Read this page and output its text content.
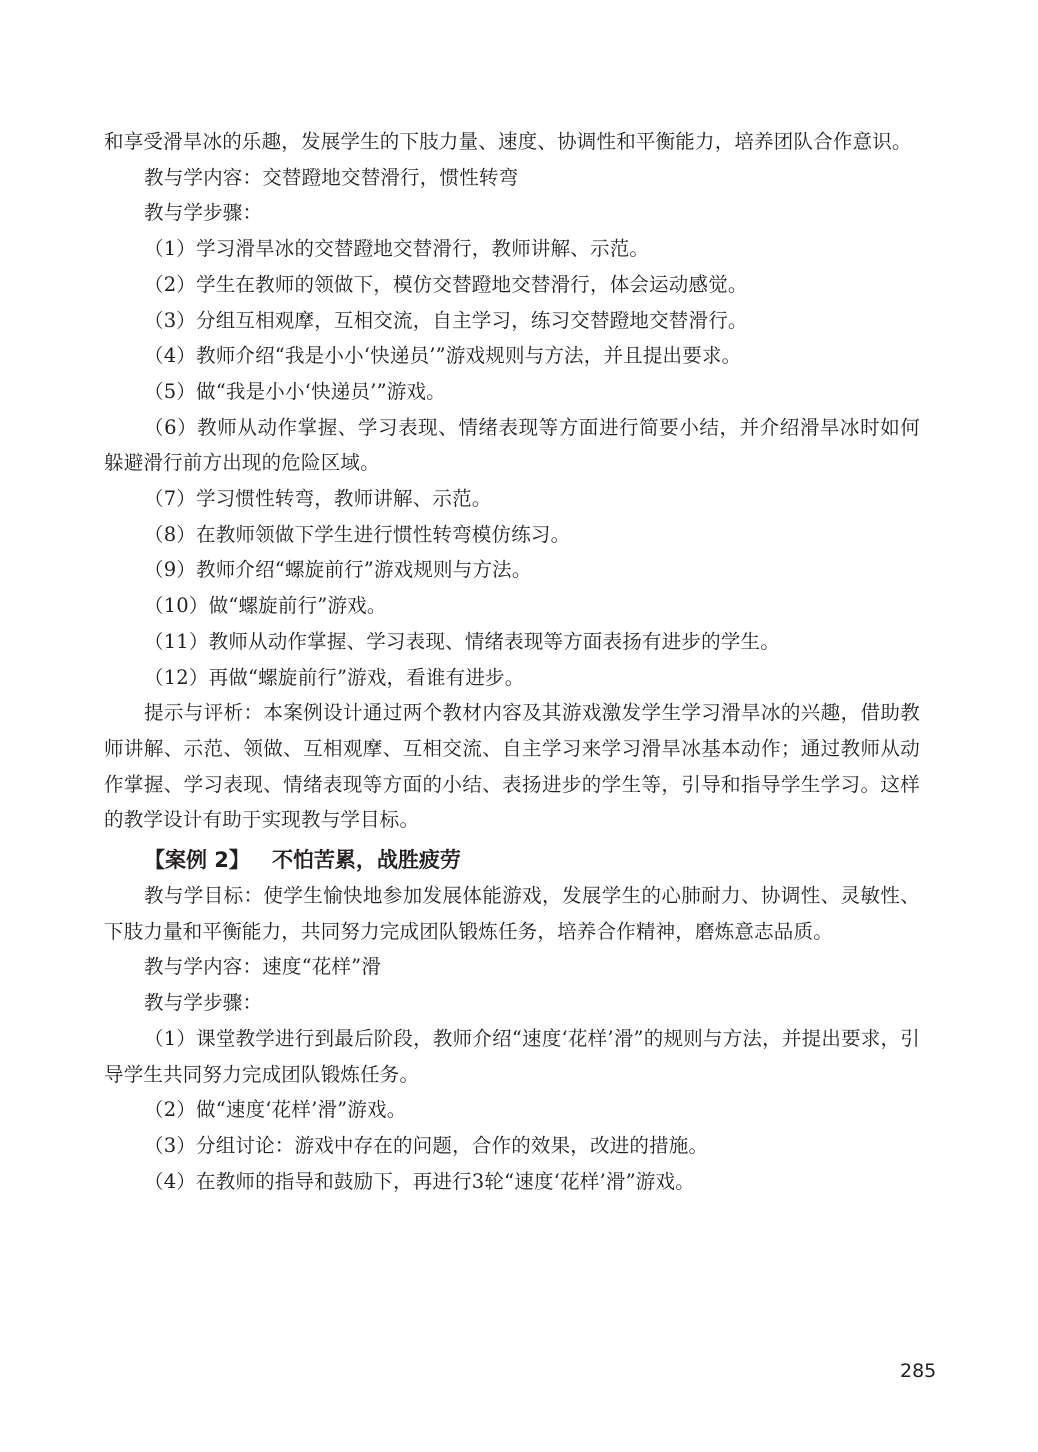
和享受滑旱冰的乐趣，发展学生的下肢力量、速度、协调性和平衡能力，培养团队合作意识。

教与学内容：交替蹬地交替滑行，惯性转弯

教与学步骤：

（1）学习滑旱冰的交替蹬地交替滑行，教师讲解、示范。

（2）学生在教师的领做下，模仿交替蹬地交替滑行，体会运动感觉。

（3）分组互相观摩，互相交流，自主学习，练习交替蹬地交替滑行。

（4）教师介绍“我是小小‘快递员’”游戏规则与方法，并且提出要求。

（5）做“我是小小‘快递员’”游戏。

（6）教师从动作掌握、学习表现、情绪表现等方面进行简要小结，并介绍滑旱冰时如何躲避滑行前方出现的危险区域。

（7）学习惯性转弯，教师讲解、示范。

（8）在教师领做下学生进行惯性转弯模仿练习。

（9）教师介绍“螺旋前行”游戏规则与方法。

（10）做“螺旋前行”游戏。

（11）教师从动作掌握、学习表现、情绪表现等方面表扬有进步的学生。

（12）再做“螺旋前行”游戏，看谁有进步。

提示与评析：本案例设计通过两个教材内容及其游戏激发学生学习滑旱冰的兴趣，借助教师讲解、示范、领做、互相观摩、互相交流、自主学习来学习滑旱冰基本动作；通过教师从动作掌握、学习表现、情绪表现等方面的小结、表扬进步的学生等，引导和指导学生学习。这样的教学设计有助于实现教与学目标。

【案例 2】 不怕苦累，战胜疲劳

教与学目标：使学生愉快地参加发展体能游戏，发展学生的心肺耐力、协调性、灵敏性、下肢力量和平衡能力，共同努力完成团队锻炼任务，培养合作精神，磨炼意志品质。

教与学内容：速度“花样”滑

教与学步骤：

（1）课堂教学进行到最后阶段，教师介绍“速度‘花样’滑”的规则与方法，并提出要求，引导学生共同努力完成团队锻炼任务。

（2）做“速度‘花样’滑”游戏。

（3）分组讨论：游戏中存在的问题，合作的效果，改进的措施。

（4）在教师的指导和鼓励下，再进行3轮“速度‘花样’滑”游戏。

285
